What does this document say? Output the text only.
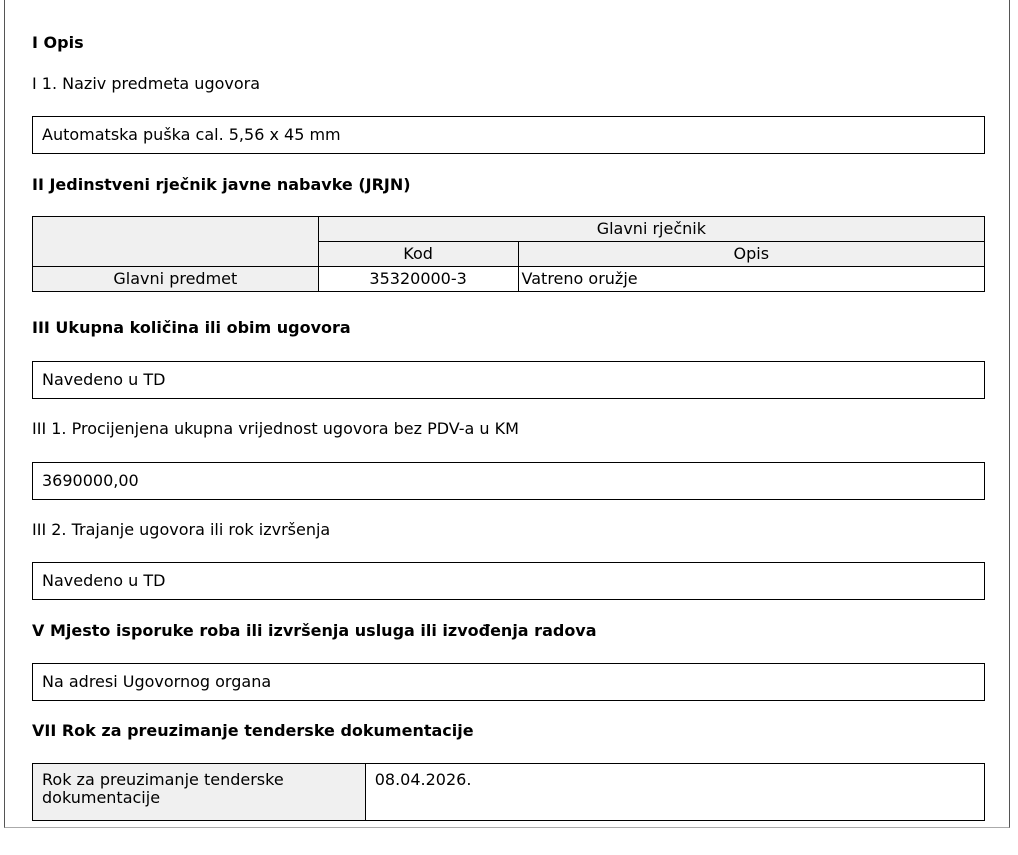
I Opis
I 1. Naziv predmeta ugovora
Automatska puška cal. 5,56 x 45 mm
II Jedinstveni rječnik javne nabavke (JRJN)
	Glavni rječnik	
	Kod	Opis
Glavni predmet	35320000-3	Vatreno oružje
III Ukupna količina ili obim ugovora
Navedeno u TD
III 1. Procijenjena ukupna vrijednost ugovora bez PDV-a u KM
3690000,00
III 2. Trajanje ugovora ili rok izvršenja
Navedeno u TD
V Mjesto isporuke roba ili izvršenja usluga ili izvođenja radova
Na adresi Ugovornog organa
VII Rok za preuzimanje tenderske dokumentacije
Rok za preuzimanje tenderske dokumentacije	08.04.2026.
